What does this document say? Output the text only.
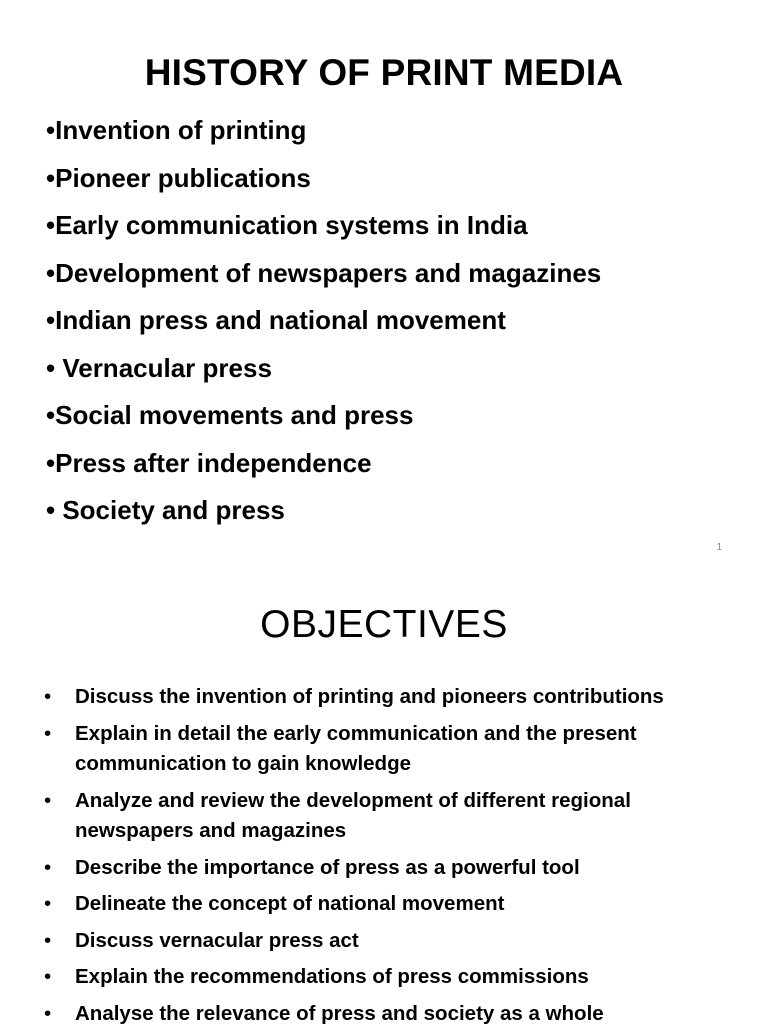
HISTORY OF PRINT MEDIA
•Invention of printing
•Pioneer publications
•Early communication systems in India
•Development of newspapers and magazines
•Indian press and national movement
• Vernacular press
•Social movements and press
•Press after independence
• Society and press
1
OBJECTIVES
• Discuss the invention of printing and pioneers contributions
• Explain in detail the early communication and the present communication to gain knowledge
• Analyze and review the development of different regional newspapers and magazines
• Describe the importance of press as a powerful tool
• Delineate the concept of national movement
• Discuss vernacular press act
• Explain the recommendations of press commissions
• Analyse the relevance of press and society as a whole
